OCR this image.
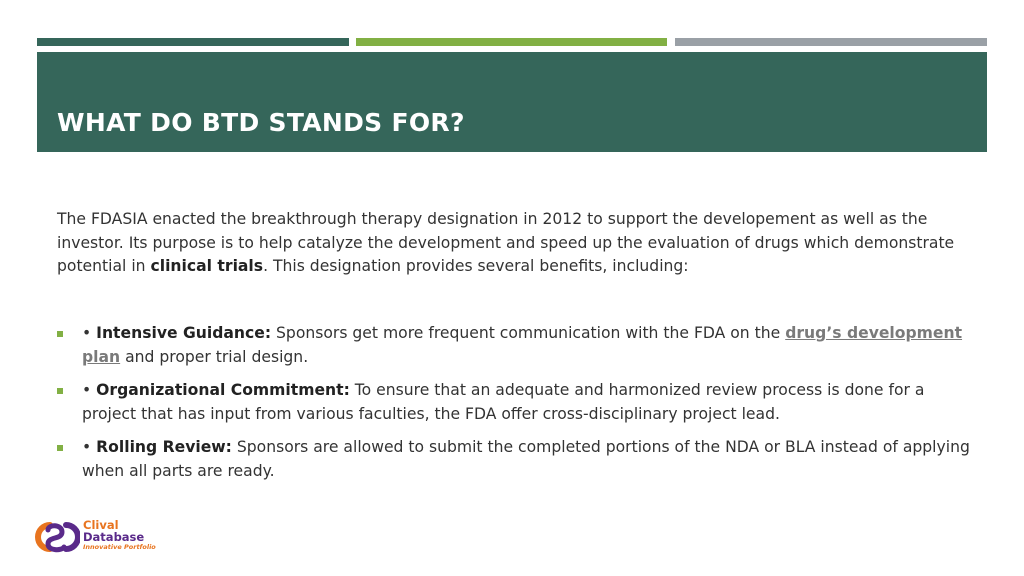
WHAT DO BTD STANDS FOR?

The FDASIA enacted the breakthrough therapy designation in 2012 to support the developement as well as the investor. Its purpose is to help catalyze the development and speed up the evaluation of drugs which demonstrate potential in clinical trials. This designation provides several benefits, including:

• Intensive Guidance: Sponsors get more frequent communication with the FDA on the drug’s development plan and proper trial design.
• Organizational Commitment: To ensure that an adequate and harmonized review process is done for a project that has input from various faculties, the FDA offer cross-disciplinary project lead.
• Rolling Review: Sponsors are allowed to submit the completed portions of the NDA or BLA instead of applying when all parts are ready.
Clival
Database
Innovative Portfolio
